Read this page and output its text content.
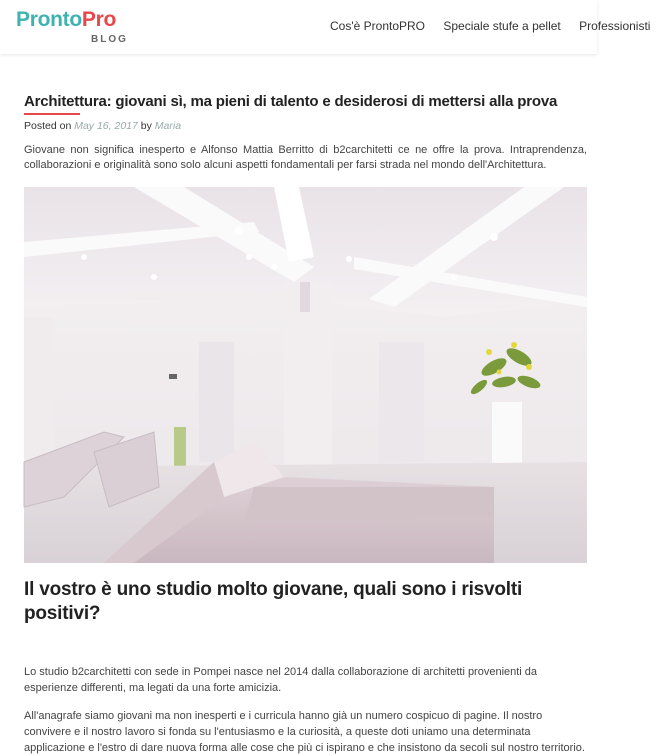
ProntoPro
BLOG
Cos'è ProntoPRO Speciale stufe a pellet Professionisti
Architettura: giovani sì, ma pieni di talento e desiderosi di mettersi alla prova
Posted on May 16, 2017 by Maria

Giovane non significa inesperto e Alfonso Mattia Berritto di b2carchitetti ce ne offre la prova. Intraprendenza, collaborazioni e originalità sono solo alcuni aspetti fondamentali per farsi strada nel mondo dell'Architettura.

Il vostro è uno studio molto giovane, quali sono i risvolti positivi?

Lo studio b2carchitetti con sede in Pompei nasce nel 2014 dalla collaborazione di architetti provenienti da esperienze differenti, ma legati da una forte amicizia.

All'anagrafe siamo giovani ma non inesperti e i curricula hanno già un numero cospicuo di pagine. Il nostro convivere e il nostro lavoro si fonda su l'entusiasmo e la curiosità, a queste doti uniamo una determinata applicazione e l'estro di dare nuova forma alle cose che più ci ispirano e che insistono da secoli sul nostro territorio.
